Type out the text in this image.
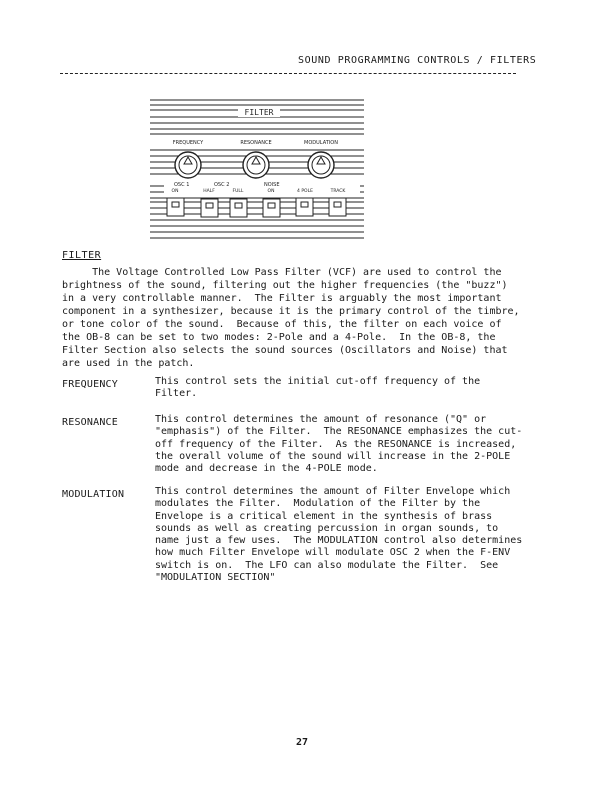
SOUND PROGRAMMING CONTROLS / FILTERS
FILTER
FREQUENCY	RESONANCE	MODULATION
OSC 1	OSC 2	NOISE
ON	HALF	FULL	ON	4 POLE	TRACK
FILTER

The Voltage Controlled Low Pass Filter (VCF) are used to control the
brightness of the sound, filtering out the higher frequencies (the "buzz")
in a very controllable manner.  The Filter is arguably the most important
component in a synthesizer, because it is the primary control of the timbre,
or tone color of the sound.  Because of this, the filter on each voice of
the OB-8 can be set to two modes: 2-Pole and a 4-Pole.  In the OB-8, the
Filter Section also selects the sound sources (Oscillators and Noise) that
are used in the patch.

FREQUENCY	This control sets the initial cut-off frequency of the
Filter.
RESONANCE	This control determines the amount of resonance ("Q" or
"emphasis") of the Filter.  The RESONANCE emphasizes the cut-
off frequency of the Filter.  As the RESONANCE is increased,
the overall volume of the sound will increase in the 2-POLE
mode and decrease in the 4-POLE mode.
MODULATION	This control determines the amount of Filter Envelope which
modulates the Filter.  Modulation of the Filter by the
Envelope is a critical element in the synthesis of brass
sounds as well as creating percussion in organ sounds, to
name just a few uses.  The MODULATION control also determines
how much Filter Envelope will modulate OSC 2 when the F-ENV
switch is on.  The LFO can also modulate the Filter.  See
"MODULATION SECTION"
27
